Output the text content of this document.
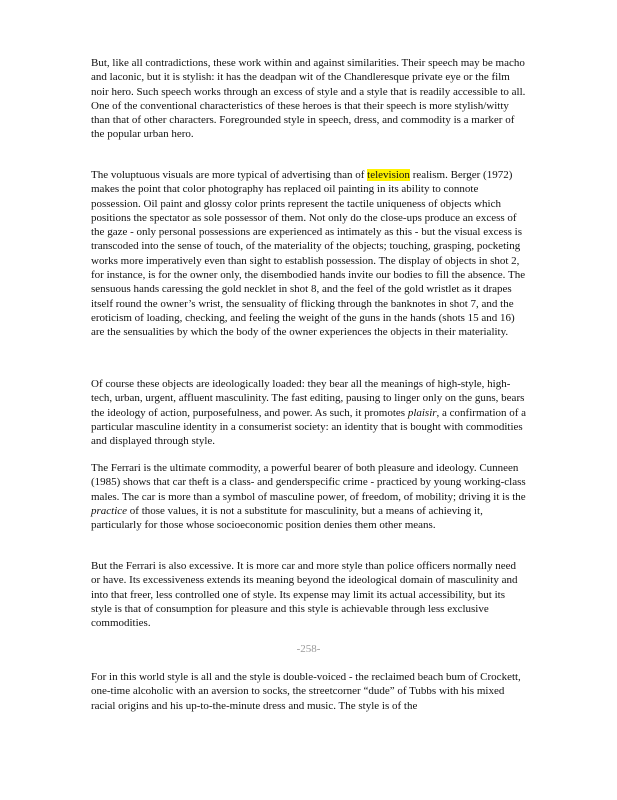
But, like all contradictions, these work within and against similarities. Their speech may be macho and laconic, but it is stylish: it has the deadpan wit of the Chandleresque private eye or the film noir hero. Such speech works through an excess of style and a style that is readily accessible to all. One of the conventional characteristics of these heroes is that their speech is more stylish/witty than that of other characters. Foregrounded style in speech, dress, and commodity is a marker of the popular urban hero.

The voluptuous visuals are more typical of advertising than of television realism. Berger (1972) makes the point that color photography has replaced oil painting in its ability to connote possession. Oil paint and glossy color prints represent the tactile uniqueness of objects which positions the spectator as sole possessor of them. Not only do the close-ups produce an excess of the gaze - only personal possessions are experienced as intimately as this - but the visual excess is transcoded into the sense of touch, of the materiality of the objects; touching, grasping, pocketing works more imperatively even than sight to establish possession. The display of objects in shot 2, for instance, is for the owner only, the disembodied hands invite our bodies to fill the absence. The sensuous hands caressing the gold necklet in shot 8, and the feel of the gold wristlet as it drapes itself round the owner’s wrist, the sensuality of flicking through the banknotes in shot 7, and the eroticism of loading, checking, and feeling the weight of the guns in the hands (shots 15 and 16) are the sensualities by which the body of the owner experiences the objects in their materiality.

Of course these objects are ideologically loaded: they bear all the meanings of high-style, high-tech, urban, urgent, affluent masculinity. The fast editing, pausing to linger only on the guns, bears the ideology of action, purposefulness, and power. As such, it promotes plaisir, a confirmation of a particular masculine identity in a consumerist society: an identity that is bought with commodities and displayed through style.

The Ferrari is the ultimate commodity, a powerful bearer of both pleasure and ideology. Cunneen (1985) shows that car theft is a class- and genderspecific crime - practiced by young working-class males. The car is more than a symbol of masculine power, of freedom, of mobility; driving it is the practice of those values, it is not a substitute for masculinity, but a means of achieving it, particularly for those whose socioeconomic position denies them other means.

But the Ferrari is also excessive. It is more car and more style than police officers normally need or have. Its excessiveness extends its meaning beyond the ideological domain of masculinity and into that freer, less controlled one of style. Its expense may limit its actual accessibility, but its style is that of consumption for pleasure and this style is achievable through less exclusive commodities.

-258-

For in this world style is all and the style is double-voiced - the reclaimed beach bum of Crockett, one-time alcoholic with an aversion to socks, the streetcorner “dude” of Tubbs with his mixed racial origins and his up-to-the-minute dress and music. The style is of the
